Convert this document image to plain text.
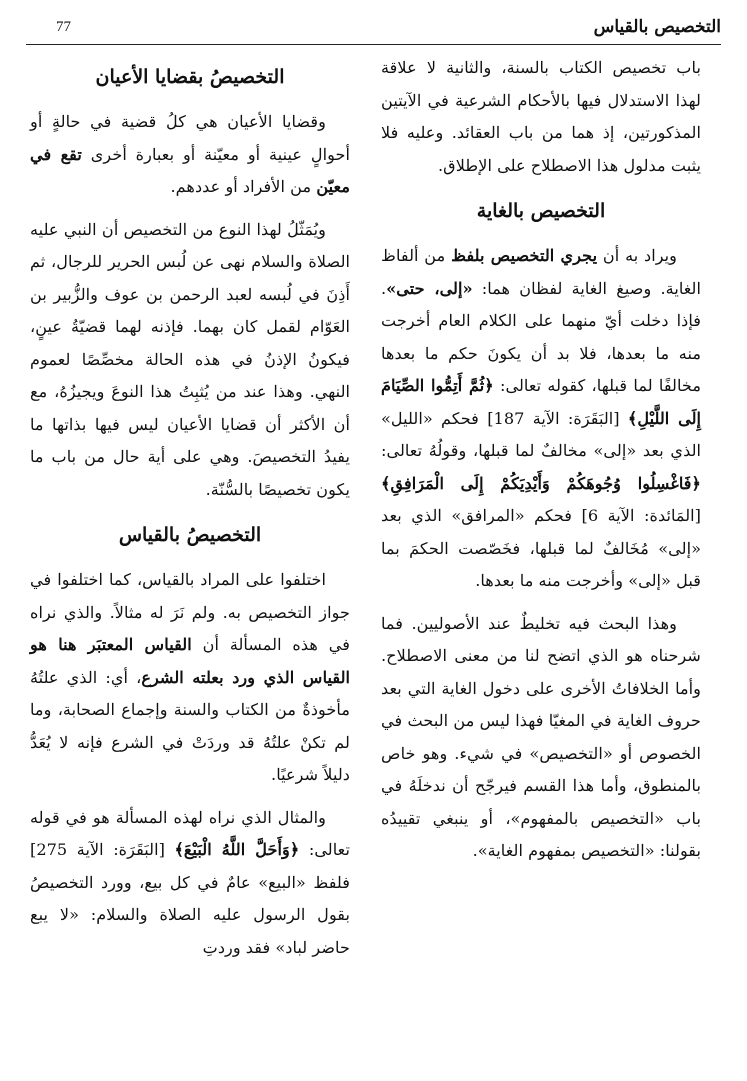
77	التخصيص بالقياس

باب تخصيص الكتاب بالسنة، والثانية لا علاقة لهذا الاستدلال فيها بالأحكام الشرعية في الآيتين المذكورتين، إذ هما من باب العقائد. وعليه فلا يثبت مدلول هذا الاصطلاح على الإطلاق.

التخصيص بالغاية

ويراد به أن يجري التخصيص بلفظ من ألفاظ الغاية. وصيغ الغاية لفظان هما: «إلى، حتى». فإذا دخلت أيّ منهما على الكلام العام أخرجت منه ما بعدها، فلا بد أن يكونَ حكم ما بعدها مخالفًا لما قبلها، كقوله تعالى: ﴿ثُمَّ أَتِمُّوا الصِّيَامَ إِلَى اللَّيْلِ﴾ [البَقَرَة: الآية 187] فحكم «الليل» الذي بعد «إلى» مخالفٌ لما قبلها، وقولُهُ تعالى: ﴿فَاغْسِلُوا وُجُوهَكُمْ وَأَيْدِيَكُمْ إِلَى الْمَرَافِقِ﴾ [المَائدة: الآية 6] فحكم «المرافق» الذي بعد «إلى» مُخَالفٌ لما قبلها، فخَصّصت الحكمَ بما قبل «إلى» وأخرجت منه ما بعدها.

وهذا البحث فيه تخليطٌ عند الأصوليين. فما شرحناه هو الذي اتضح لنا من معنى الاصطلاح. وأما الخلافاتُ الأخرى على دخول الغاية التي بعد حروف الغاية في المغيّا فهذا ليس من البحث في الخصوص أو «التخصيص» في شيء. وهو خاص بالمنطوق، وأما هذا القسم فيرجّح أن ندخلَهُ في باب «التخصيص بالمفهوم»، أو ينبغي تقييدُه بقولنا: «التخصيص بمفهوم الغاية».

التخصيصُ بقضايا الأعيان

وقضايا الأعيان هي كلُ قضية في حالةٍ أو أحوالٍ عينية أو معيّنة أو بعبارة أخرى تقع في معيّن من الأفراد أو عددهم.

ويُمَثّلُ لهذا النوع من التخصيص أن النبي عليه الصلاة والسلام نهى عن لُبس الحرير للرجال، ثم أَذِنَ في لُبسه لعبد الرحمن بن عوف والزُّبير بن العَوّام لقمل كان بهما. فإذنه لهما قضيّةُ عينٍ، فيكونُ الإذنُ في هذه الحالة مخصِّصًا لعموم النهي. وهذا عند من يُثبِتُ هذا النوعَ ويجيزُهُ، مع أن الأكثر أن قضايا الأعيان ليس فيها بذاتها ما يفيدُ التخصيصَ. وهي على أية حال من باب ما يكون تخصيصًا بالسُّنّة.

التخصيصُ بالقياس

اختلفوا على المراد بالقياس، كما اختلفوا في جواز التخصيص به. ولم نَرَ له مثالاً. والذي نراه في هذه المسألة أن القياس المعتبَر هنا هو القياس الذي ورد بعلته الشرع، أي: الذي علتُهُ مأخوذةٌ من الكتاب والسنة وإجماع الصحابة، وما لم تكنْ علتُهُ قد وردَتْ في الشرع فإنه لا يُعَدُّ دليلاً شرعيًا.

والمثال الذي نراه لهذه المسألة هو في قوله تعالى: ﴿وَأَحَلَّ اللَّهُ الْبَيْعَ﴾ [البَقَرَة: الآية 275] فلفظ «البيع» عامٌ في كل بيع، وورد التخصيصُ بقول الرسول عليه الصلاة والسلام: «لا يبع حاضر لباد» فقد وردتِ
